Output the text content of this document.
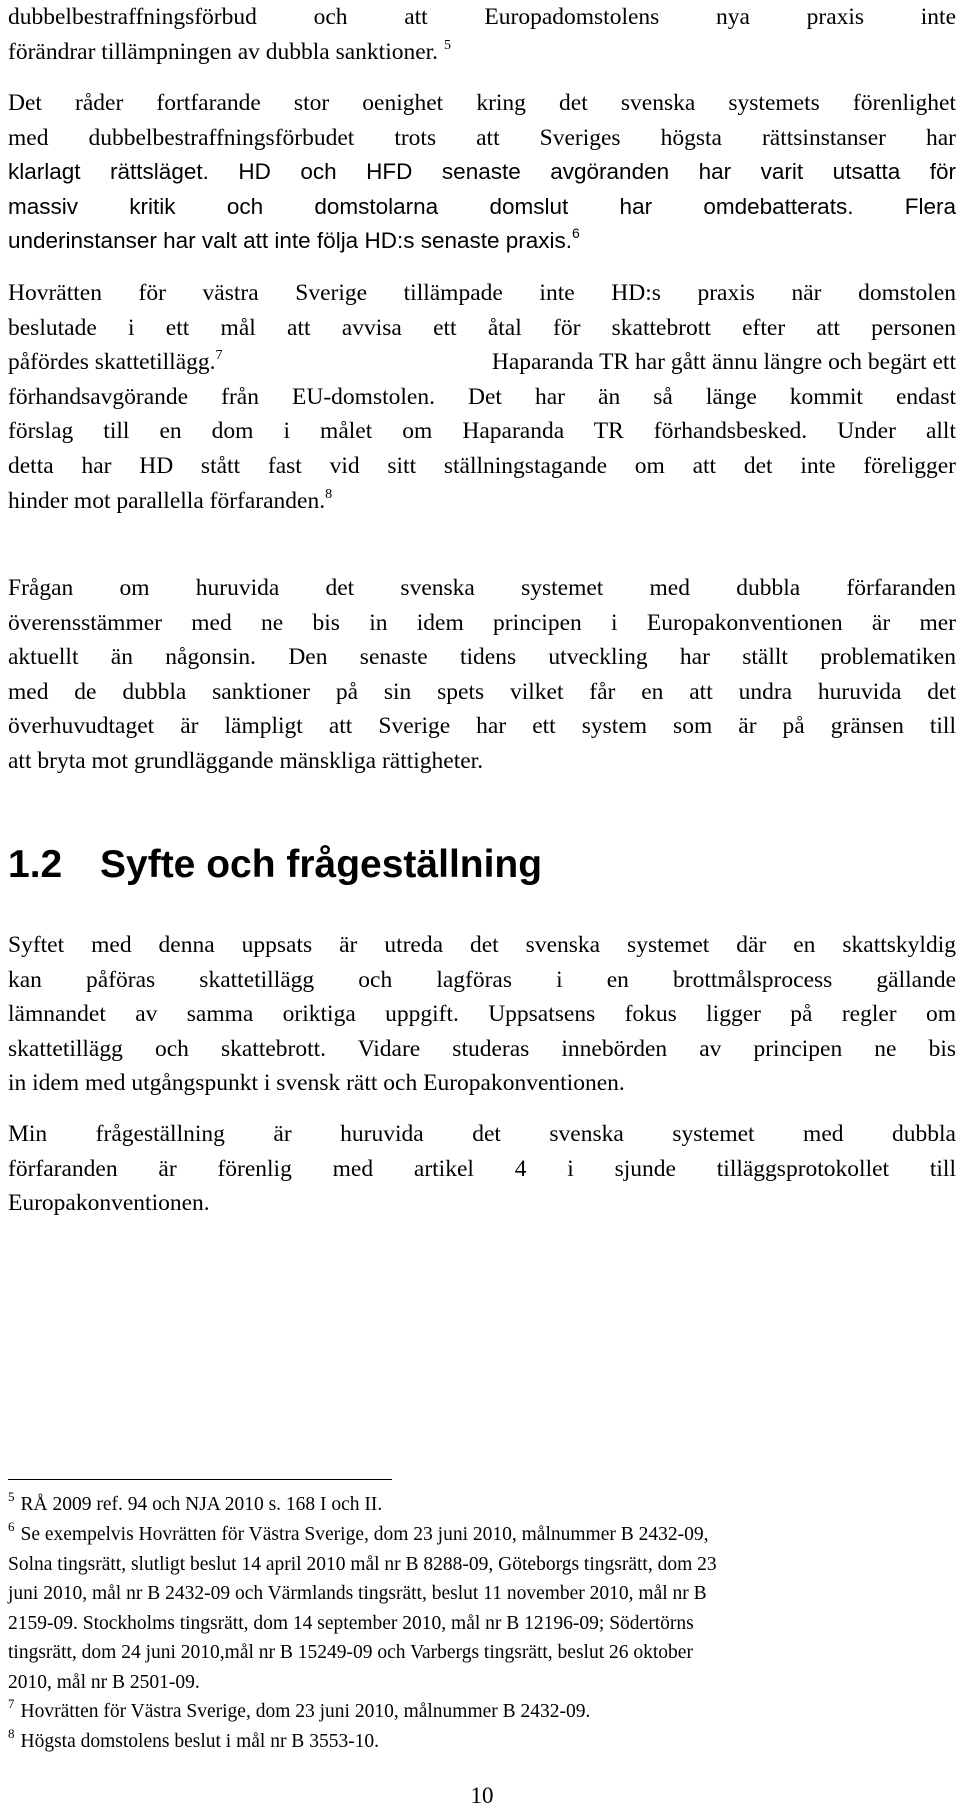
dubbelbestraffningsförbud och att Europadomstolens nya praxis inte
förändrar tillämpningen av dubbla sanktioner. $^5$

Det råder fortfarande stor oenighet kring det svenska systemets förenlighet
med dubbelbestraffningsförbudet trots att Sveriges högsta rättsinstanser har
klarlagt rättsläget. HD och HFD senaste avgöranden har varit utsatta för
massiv kritik och domstolarna domslut har omdebatterats. Flera
underinstanser har valt att inte följa HD:s senaste praxis.$^6$

Hovrätten för västra Sverige tillämpade inte HD:s praxis när domstolen
beslutade i ett mål att avvisa ett åtal för skattebrott efter att personen
påfördes skattetillägg.$^7$	Haparanda TR har gått ännu längre och begärt ett
förhandsavgörande från EU-domstolen. Det har än så länge kommit endast
förslag till en dom i målet om Haparanda TR förhandsbesked. Under allt
detta har HD stått fast vid sitt ställningstagande om att det inte föreligger
hinder mot parallella förfaranden.$^8$

Frågan om huruvida det svenska systemet med dubbla förfaranden
överensstämmer med ne bis in idem principen i Europakonventionen är mer
aktuellt än någonsin. Den senaste tidens utveckling har ställt problematiken
med de dubbla sanktioner på sin spets vilket får en att undra huruvida det
överhuvudtaget är lämpligt att Sverige har ett system som är på gränsen till
att bryta mot grundläggande mänskliga rättigheter.

1.2 Syfte och frågeställning

Syftet med denna uppsats är utreda det svenska systemet där en skattskyldig
kan påföras skattetillägg och lagföras i en brottmålsprocess gällande
lämnandet av samma oriktiga uppgift. Uppsatsens fokus ligger på regler om
skattetillägg och skattebrott. Vidare studeras innebörden av principen ne bis
in idem med utgångspunkt i svensk rätt och Europakonventionen.

Min frågeställning är huruvida det svenska systemet med dubbla
förfaranden är förenlig med artikel 4 i sjunde tilläggsprotokollet till
Europakonventionen.

$^5$ RÅ 2009 ref. 94 och NJA 2010 s. 168 I och II.
$^6$ Se exempelvis Hovrätten för Västra Sverige, dom 23 juni 2010, målnummer B 2432-09,
Solna tingsrätt, slutligt beslut 14 april 2010 mål nr B 8288-09, Göteborgs tingsrätt, dom 23
juni 2010, mål nr B 2432-09 och Värmlands tingsrätt, beslut 11 november 2010, mål nr B
2159-09. Stockholms tingsrätt, dom 14 september 2010, mål nr B 12196-09; Södertörns
tingsrätt, dom 24 juni 2010,mål nr B 15249-09 och Varbergs tingsrätt, beslut 26 oktober
2010, mål nr B 2501-09.
$^7$ Hovrätten för Västra Sverige, dom 23 juni 2010, målnummer B 2432-09.
$^8$ Högsta domstolens beslut i mål nr B 3553-10.
10
